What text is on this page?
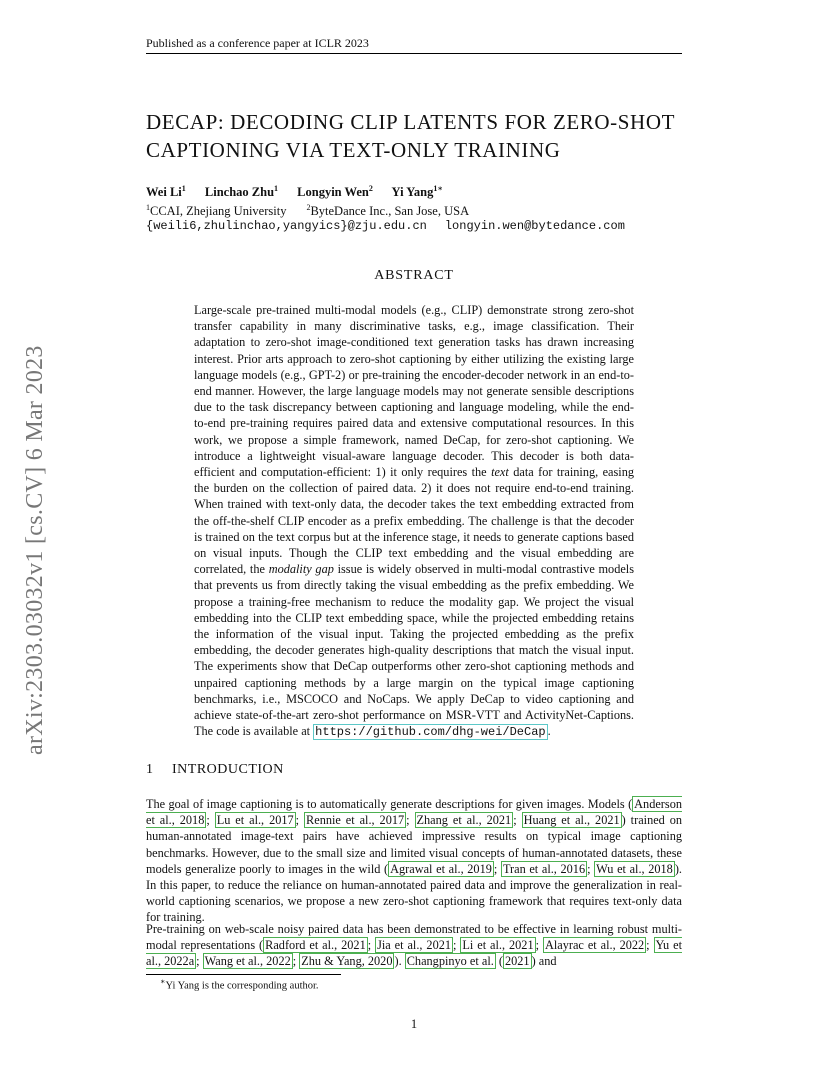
Published as a conference paper at ICLR 2023
arXiv:2303.03032v1 [cs.CV] 6 Mar 2023
DECAP: DECODING CLIP LATENTS FOR ZERO-SHOT
CAPTIONING VIA TEXT-ONLY TRAINING
Wei Li$^1$ Linchao Zhu$^1$ Longyin Wen$^2$ Yi Yang$^{1∗}$
$^1$CCAI, Zhejiang University	$^2$ByteDance Inc., San Jose, USA
{weili6,zhulinchao,yangyics}@zju.edu.cn longyin.wen@bytedance.com
ABSTRACT
Large-scale pre-trained multi-modal models (e.g., CLIP) demonstrate strong zero-shot transfer capability in many discriminative tasks, e.g., image classification. Their adaptation to zero-shot image-conditioned text generation tasks has drawn increasing interest. Prior arts approach to zero-shot captioning by either utilizing the existing large language models (e.g., GPT-2) or pre-training the encoder-decoder network in an end-to-end manner. However, the large language models may not generate sensible descriptions due to the task discrepancy between captioning and language modeling, while the end-to-end pre-training requires paired data and extensive computational resources. In this work, we propose a simple framework, named DeCap, for zero-shot captioning. We introduce a lightweight visual-aware language decoder. This decoder is both data-efficient and computation-efficient: 1) it only requires the text data for training, easing the burden on the collection of paired data. 2) it does not require end-to-end training. When trained with text-only data, the decoder takes the text embedding extracted from the off-the-shelf CLIP encoder as a prefix embedding. The challenge is that the decoder is trained on the text corpus but at the inference stage, it needs to generate captions based on visual inputs. Though the CLIP text embedding and the visual embedding are correlated, the modality gap issue is widely observed in multi-modal contrastive models that prevents us from directly taking the visual embedding as the prefix embedding. We propose a training-free mechanism to reduce the modality gap. We project the visual embedding into the CLIP text embedding space, while the projected embedding retains the information of the visual input. Taking the projected embedding as the prefix embedding, the decoder generates high-quality descriptions that match the visual input. The experiments show that DeCap outperforms other zero-shot captioning methods and unpaired captioning methods by a large margin on the typical image captioning benchmarks, i.e., MSCOCO and NoCaps. We apply DeCap to video captioning and achieve state-of-the-art zero-shot performance on MSR-VTT and ActivityNet-Captions. The code is available at https://github.com/dhg-wei/DeCap .
1 INTRODUCTION
The goal of image captioning is to automatically generate descriptions for given images. Models ( Anderson et al., 2018 ; Lu et al., 2017 ; Rennie et al., 2017 ; Zhang et al., 2021 ; Huang et al., 2021 ) trained on human-annotated image-text pairs have achieved impressive results on typical image captioning benchmarks. However, due to the small size and limited visual concepts of human-annotated datasets, these models generalize poorly to images in the wild ( Agrawal et al., 2019 ; Tran et al., 2016 ; Wu et al., 2018 ). In this paper, to reduce the reliance on human-annotated paired data and improve the generalization in real-world captioning scenarios, we propose a new zero-shot captioning framework that requires text-only data for training.
Pre-training on web-scale noisy paired data has been demonstrated to be effective in learning robust multi-modal representations ( Radford et al., 2021 ; Jia et al., 2021 ; Li et al., 2021 ; Alayrac et al., 2022 ; Yu et al., 2022a ; Wang et al., 2022 ; Zhu & Yang, 2020 ). Changpinyo et al. ( 2021 ) and
∗Yi Yang is the corresponding author.
1
